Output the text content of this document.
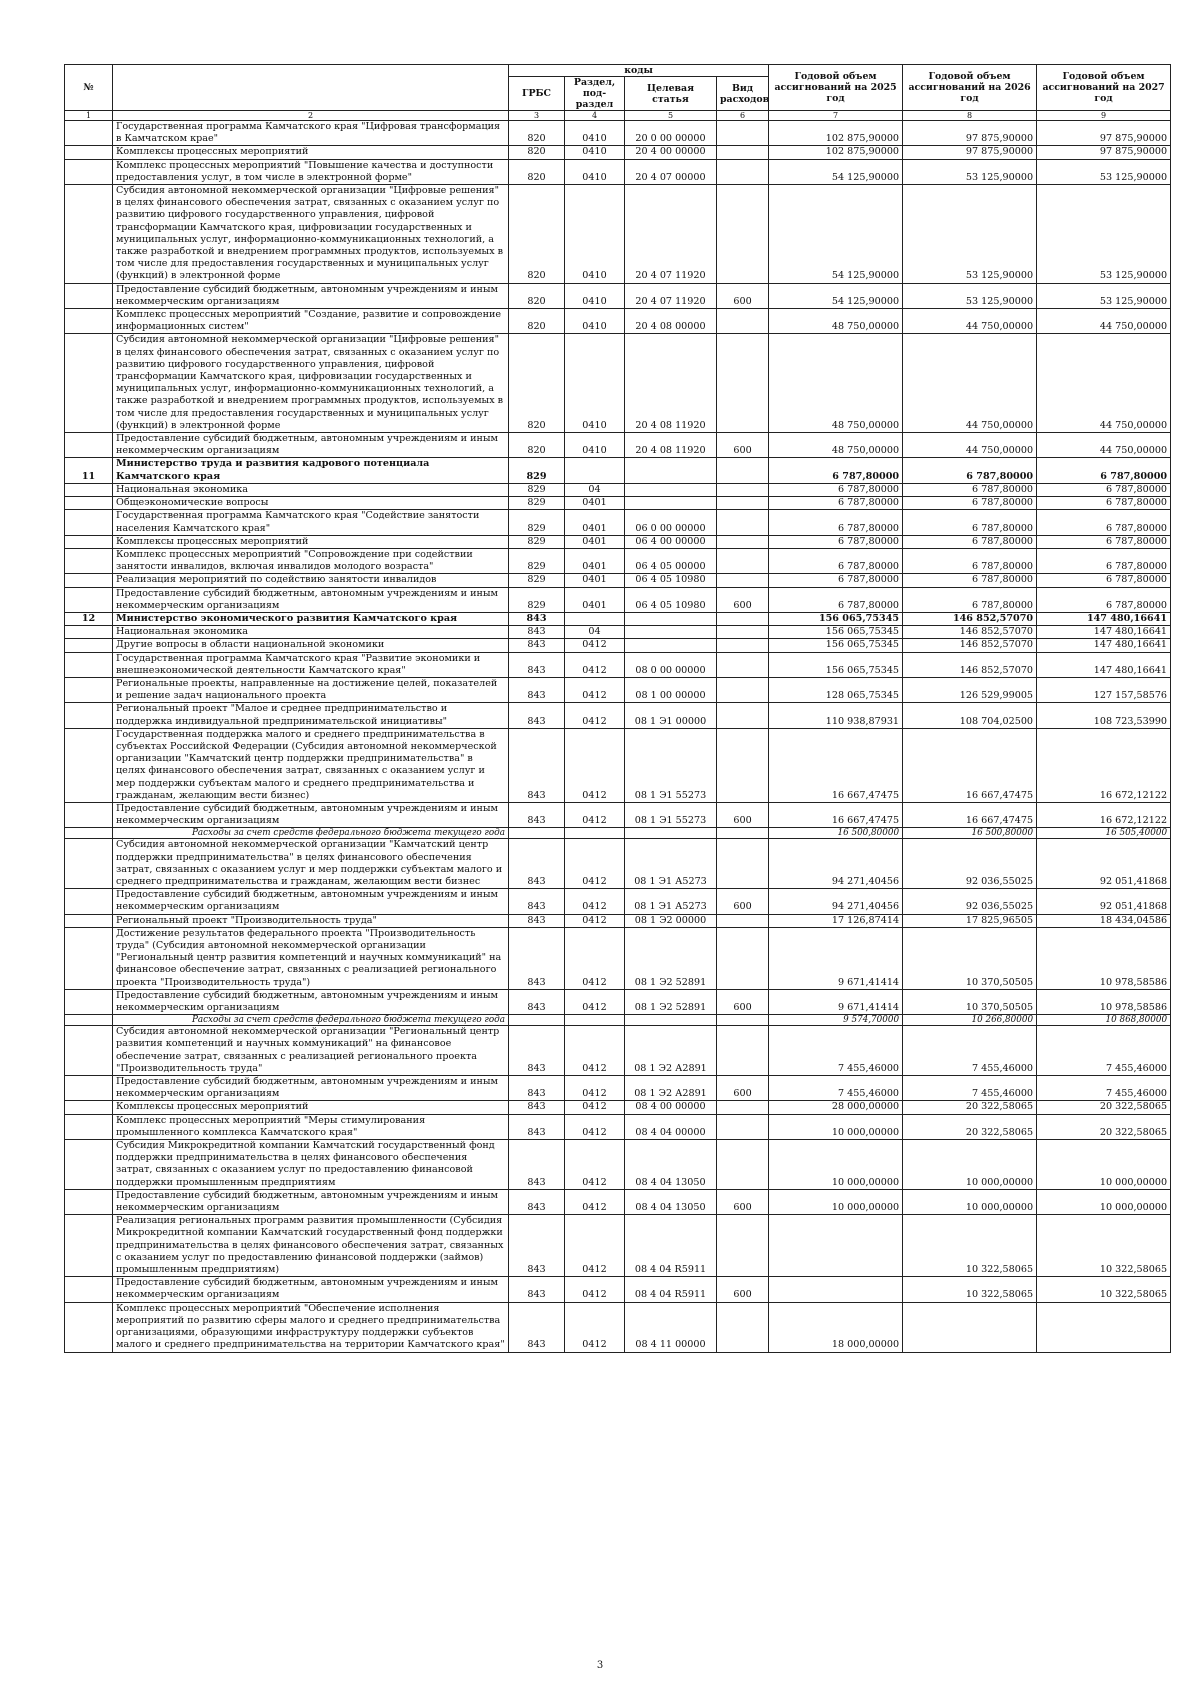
№		коды				Годовой объем ассигнований на 2025 год	Годовой объем ассигнований на 2026 год	Годовой объем ассигнований на 2027 год
		ГРБС	Раздел, под-раздел	Целевая статья	Вид расходов			
1	2	3	4	5	6	7	8	9
	Государственная программа Камчатского края "Цифровая трансформация в Камчатском крае"	820	0410	20 0 00 00000		102 875,90000	97 875,90000	97 875,90000
	Комплексы процессных мероприятий	820	0410	20 4 00 00000		102 875,90000	97 875,90000	97 875,90000
	Комплекс процессных мероприятий "Повышение качества и доступности предоставления услуг, в том числе в электронной форме"	820	0410	20 4 07 00000		54 125,90000	53 125,90000	53 125,90000
	Субсидия автономной некоммерческой организации "Цифровые решения" в целях финансового обеспечения затрат, связанных с оказанием услуг по развитию цифрового государственного управления, цифровой трансформации Камчатского края, цифровизации государственных и муниципальных услуг, информационно-коммуникационных технологий, а также разработкой и внедрением программных продуктов, используемых в том числе для предоставления государственных и муниципальных услуг (функций) в электронной форме	820	0410	20 4 07 11920		54 125,90000	53 125,90000	53 125,90000
	Предоставление субсидий бюджетным, автономным учреждениям и иным некоммерческим организациям	820	0410	20 4 07 11920	600	54 125,90000	53 125,90000	53 125,90000
	Комплекс процессных мероприятий "Создание, развитие и сопровождение информационных систем"	820	0410	20 4 08 00000		48 750,00000	44 750,00000	44 750,00000
	Субсидия автономной некоммерческой организации "Цифровые решения" в целях финансового обеспечения затрат, связанных с оказанием услуг по развитию цифрового государственного управления, цифровой трансформации Камчатского края, цифровизации государственных и муниципальных услуг, информационно-коммуникационных технологий, а также разработкой и внедрением программных продуктов, используемых в том числе для предоставления государственных и муниципальных услуг (функций) в электронной форме	820	0410	20 4 08 11920		48 750,00000	44 750,00000	44 750,00000
	Предоставление субсидий бюджетным, автономным учреждениям и иным некоммерческим организациям	820	0410	20 4 08 11920	600	48 750,00000	44 750,00000	44 750,00000
11	Министерство труда и развития кадрового потенциала Камчатского края	829				6 787,80000	6 787,80000	6 787,80000
	Национальная экономика	829	04			6 787,80000	6 787,80000	6 787,80000
	Общеэкономические вопросы	829	0401			6 787,80000	6 787,80000	6 787,80000
	Государственная программа Камчатского края "Содействие занятости населения Камчатского края"	829	0401	06 0 00 00000		6 787,80000	6 787,80000	6 787,80000
	Комплексы процессных мероприятий	829	0401	06 4 00 00000		6 787,80000	6 787,80000	6 787,80000
	Комплекс процессных мероприятий "Сопровождение при содействии занятости инвалидов, включая инвалидов молодого возраста"	829	0401	06 4 05 00000		6 787,80000	6 787,80000	6 787,80000
	Реализация мероприятий по содействию занятости инвалидов	829	0401	06 4 05 10980		6 787,80000	6 787,80000	6 787,80000
	Предоставление субсидий бюджетным, автономным учреждениям и иным некоммерческим организациям	829	0401	06 4 05 10980	600	6 787,80000	6 787,80000	6 787,80000
12	Министерство экономического развития Камчатского края	843				156 065,75345	146 852,57070	147 480,16641
	Национальная экономика	843	04			156 065,75345	146 852,57070	147 480,16641
	Другие вопросы в области национальной экономики	843	0412			156 065,75345	146 852,57070	147 480,16641
	Государственная программа Камчатского края "Развитие экономики и внешнеэкономической деятельности Камчатского края"	843	0412	08 0 00 00000		156 065,75345	146 852,57070	147 480,16641
	Региональные проекты, направленные на достижение целей, показателей и решение задач национального проекта	843	0412	08 1 00 00000		128 065,75345	126 529,99005	127 157,58576
	Региональный проект "Малое и среднее предпринимательство и поддержка индивидуальной предпринимательской инициативы"	843	0412	08 1 Э1 00000		110 938,87931	108 704,02500	108 723,53990
	Государственная поддержка малого и среднего предпринимательства в субъектах Российской Федерации (Субсидия автономной некоммерческой организации "Камчатский центр поддержки предпринимательства" в целях финансового обеспечения затрат, связанных с оказанием услуг и мер поддержки субъектам малого и среднего предпринимательства и гражданам, желающим вести бизнес)	843	0412	08 1 Э1 55273		16 667,47475	16 667,47475	16 672,12122
	Предоставление субсидий бюджетным, автономным учреждениям и иным некоммерческим организациям	843	0412	08 1 Э1 55273	600	16 667,47475	16 667,47475	16 672,12122
	Расходы за счет средств федерального бюджета текущего года					16 500,80000	16 500,80000	16 505,40000
	Субсидия автономной некоммерческой организации "Камчатский центр поддержки предпринимательства" в целях финансового обеспечения затрат, связанных с оказанием услуг и мер поддержки субъектам малого и среднего предпринимательства и гражданам, желающим вести бизнес	843	0412	08 1 Э1 А5273		94 271,40456	92 036,55025	92 051,41868
	Предоставление субсидий бюджетным, автономным учреждениям и иным некоммерческим организациям	843	0412	08 1 Э1 А5273	600	94 271,40456	92 036,55025	92 051,41868
	Региональный проект "Производительность труда"	843	0412	08 1 Э2 00000		17 126,87414	17 825,96505	18 434,04586
	Достижение результатов федерального проекта "Производительность труда" (Субсидия автономной некоммерческой организации "Региональный центр развития компетенций и научных коммуникаций" на финансовое обеспечение затрат, связанных с реализацией регионального проекта "Производительность труда")	843	0412	08 1 Э2 52891		9 671,41414	10 370,50505	10 978,58586
	Предоставление субсидий бюджетным, автономным учреждениям и иным некоммерческим организациям	843	0412	08 1 Э2 52891	600	9 671,41414	10 370,50505	10 978,58586
	Расходы за счет средств федерального бюджета текущего года					9 574,70000	10 266,80000	10 868,80000
	Субсидия автономной некоммерческой организации "Региональный центр развития компетенций и научных коммуникаций" на финансовое обеспечение затрат, связанных с реализацией регионального проекта "Производительность труда"	843	0412	08 1 Э2 А2891		7 455,46000	7 455,46000	7 455,46000
	Предоставление субсидий бюджетным, автономным учреждениям и иным некоммерческим организациям	843	0412	08 1 Э2 А2891	600	7 455,46000	7 455,46000	7 455,46000
	Комплексы процессных мероприятий	843	0412	08 4 00 00000		28 000,00000	20 322,58065	20 322,58065
	Комплекс процессных мероприятий "Меры стимулирования промышленного комплекса Камчатского края"	843	0412	08 4 04 00000		10 000,00000	20 322,58065	20 322,58065
	Субсидия Микрокредитной компании Камчатский государственный фонд поддержки предпринимательства в целях финансового обеспечения затрат, связанных с оказанием услуг по предоставлению финансовой поддержки промышленным предприятиям	843	0412	08 4 04 13050		10 000,00000	10 000,00000	10 000,00000
	Предоставление субсидий бюджетным, автономным учреждениям и иным некоммерческим организациям	843	0412	08 4 04 13050	600	10 000,00000	10 000,00000	10 000,00000
	Реализация региональных программ развития промышленности (Субсидия Микрокредитной компании Камчатский государственный фонд поддержки предпринимательства в целях финансового обеспечения затрат, связанных с оказанием услуг по предоставлению финансовой поддержки (займов) промышленным предприятиям)	843	0412	08 4 04 R5911			10 322,58065	10 322,58065
	Предоставление субсидий бюджетным, автономным учреждениям и иным некоммерческим организациям	843	0412	08 4 04 R5911	600		10 322,58065	10 322,58065
	Комплекс процессных мероприятий "Обеспечение исполнения мероприятий по развитию сферы малого и среднего предпринимательства организациями, образующими инфраструктуру поддержки субъектов малого и среднего предпринимательства на территории Камчатского края"	843	0412	08 4 11 00000		18 000,00000		
3
